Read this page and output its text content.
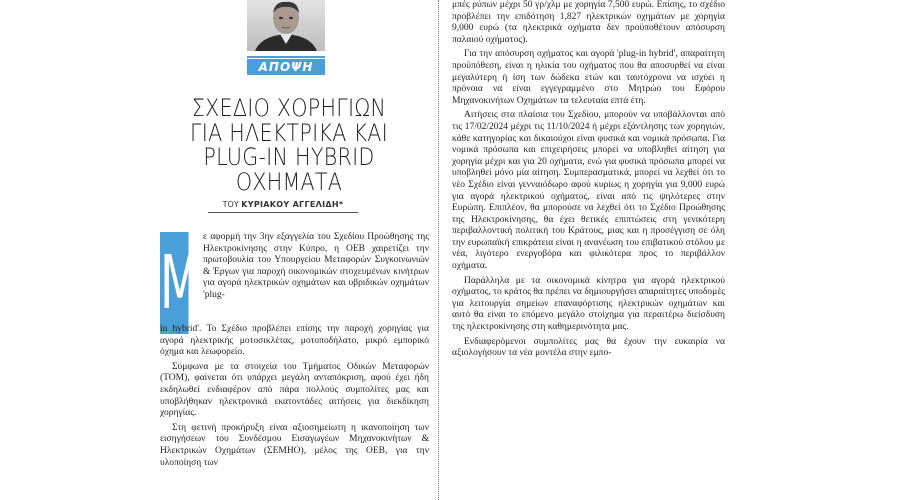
ΑΠΟΨΗ
ΣΧΕΔΙΟ ΧΟΡΗΓΙΩΝ
ΓΙΑ ΗΛΕΚΤΡΙΚΑ ΚΑΙ
PLUG-IN HYBRID
ΟΧΗΜΑΤΑ
ΤΟΥ ΚΥΡΙΑΚΟΥ ΑΓΓΕΛΙΔΗ*
Μ

ε αφορμή την 3ην εξαγγελία του Σχεδίου Προώθησης της Ηλεκτροκίνησης στην Κύπρο, η ΟΕΒ χαιρετίζει την πρωτοβουλία του Υπουργείου Μεταφορών Συγκοινωνιών & Έργων για παροχή οικονομικών στοχευμένων κινήτρων για αγορά ηλεκτρικών οχημάτων και υβριδικών οχημάτων 'plug-

in hybrid'. Το Σχέδιο προβλέπει επίσης την παροχή χορηγίας για αγορά ηλεκτρικής μοτοσικλέτας, μοτοποδήλατο, μικρό εμπορικό όχημα και λεωφορείο.

Σύμφωνα με τα στοιχεία του Τμήματος Οδικών Μεταφορών (ΤΟΜ), φαίνεται ότι υπάρχει μεγάλη ανταπόκριση, αφού έχει ήδη εκδηλωθεί ενδιαφέρον από πάρα πολλούς συμπολίτες μας και υποβλήθηκαν ηλεκτρονικά εκατοντάδες αιτήσεις για διεκδίκηση χορηγίας.

Στη φετινή προκήρυξη είναι αξιοσημείωτη η ικανοποίηση των εισηγήσεων του Συνδέσμου Εισαγωγέων Μηχανοκινήτων & Ηλεκτρικών Οχημάτων (ΣΕΜΗΟ), μέλος της ΟΕΒ, για την υλοποίηση των

μπές ρύπων μέχρι 50 γρ/χλμ με χορηγία 7,500 ευρώ. Επίσης, το σχέδιο προβλέπει την επιδότηση 1,827 ηλεκτρικών οχημάτων με χορηγία 9,000 ευρώ (τα ηλεκτρικά οχήματα δεν προϋποθέτουν απόσυρση παλαιού οχήματος).

Για την απόσυρση οχήματος και αγορά 'plug-in hybrid', απαραίτητη προϋπόθεση, είναι η ηλικία του οχήματος που θα αποσυρθεί να είναι μεγαλύτερη ή ίση των δώδεκα ετών και ταυτόχρονα να ισχύει η πρόνοια να είναι εγγεγραμμένο στο Μητρώο του Εφόρου Μηχανοκινήτων Οχημάτων τα τελευταία επτά έτη.

Αιτήσεις στα πλαίσια του Σχεδίου, μπορούν να υποβάλλονται από τις 17/02/2024 μέχρι τις 11/10/2024 ή μέχρι εξάντλησης των χορηγιών, κάθε κατηγορίας και δικαιούχοι είναι φυσικά και νομικά πρόσωπα. Για νομικά πρόσωπα και επιχειρήσεις μπορεί να υποβληθεί αίτηση για χορηγία μέχρι και για 20 οχήματα, ενώ για φυσικά πρόσωπα μπορεί να υποβληθεί μόνο μία αίτηση. Συμπερασματικά, μπορεί να λεχθεί ότι το νέο Σχέδιο είναι γενναιόδωρο αφού κυρίως η χορηγία για 9,000 ευρώ για αγορά ηλεκτρικού οχήματος, είναι από τις ψηλότερες στην Ευρώπη. Επιπλέον, θα μπορούσε να λεχθεί ότι το Σχέδιο Προώθησης της Ηλεκτροκίνησης, θα έχει θετικές επιπτώσεις στη γενικότερη περιβαλλοντική πολιτική του Κράτους, μιας και η προσέγγιση σε όλη την ευρωπαϊκή επικράτεια είναι η ανανέωση του επιβατικού στόλου με νέα, λιγότερο ενεργοβόρα και φιλικότερα προς το περιβάλλον οχήματα.

Παράλληλα με τα οικονομικά κίνητρα για αγορά ηλεκτρικού οχήματος, το κράτος θα πρέπει να δημιουργήσει απαραίτητες υποδομές για λειτουργία σημείων επαναφόρτισης ηλεκτρικών οχημάτων και αυτό θα είναι το επόμενο μεγάλο στοίχημα για περαιτέρω διείσδυση της ηλεκτροκίνησης στη καθημερινότητα μας.

Ενδιαφερόμενοι συμπολίτες μας θα έχουν την ευκαιρία να αξιολογήσουν τα νέα μοντέλα στην εμπο-
